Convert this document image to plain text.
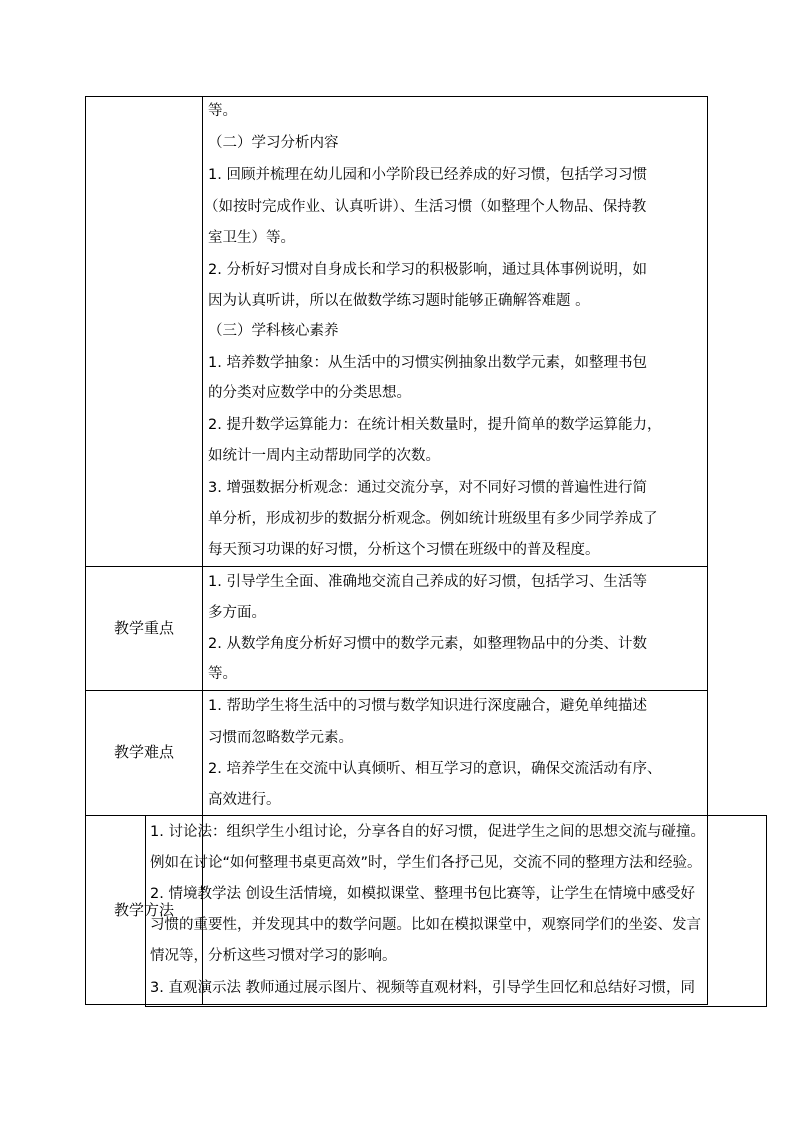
等。
（二）学习分析内容
1. 回顾并梳理在幼儿园和小学阶段已经养成的好习惯，包括学习习惯
（如按时完成作业、认真听讲）、生活习惯（如整理个人物品、保持教
室卫生）等。
2. 分析好习惯对自身成长和学习的积极影响，通过具体事例说明，如
因为认真听讲，所以在做数学练习题时能够正确解答难题 。
（三）学科核心素养
1. 培养数学抽象：从生活中的习惯实例抽象出数学元素，如整理书包
的分类对应数学中的分类思想。
2. 提升数学运算能力：在统计相关数量时，提升简单的数学运算能力，
如统计一周内主动帮助同学的次数。
3. 增强数据分析观念：通过交流分享，对不同好习惯的普遍性进行简
单分析，形成初步的数据分析观念。例如统计班级里有多少同学养成了
每天预习功课的好习惯，分析这个习惯在班级中的普及程度。
教学重点
1. 引导学生全面、准确地交流自己养成的好习惯，包括学习、生活等
多方面。
2. 从数学角度分析好习惯中的数学元素，如整理物品中的分类、计数
等。
教学难点
1. 帮助学生将生活中的习惯与数学知识进行深度融合，避免单纯描述
习惯而忽略数学元素。
2. 培养学生在交流中认真倾听、相互学习的意识，确保交流活动有序、
高效进行。
教学方法
1. 讨论法：组织学生小组讨论，分享各自的好习惯，促进学生之间的思想交流与碰撞。
例如在讨论“如何整理书桌更高效”时，学生们各抒己见，交流不同的整理方法和经验。
2. 情境教学法 创设生活情境，如模拟课堂、整理书包比赛等，让学生在情境中感受好
习惯的重要性，并发现其中的数学问题。比如在模拟课堂中，观察同学们的坐姿、发言
情况等，分析这些习惯对学习的影响。
3. 直观演示法 教师通过展示图片、视频等直观材料，引导学生回忆和总结好习惯，同
